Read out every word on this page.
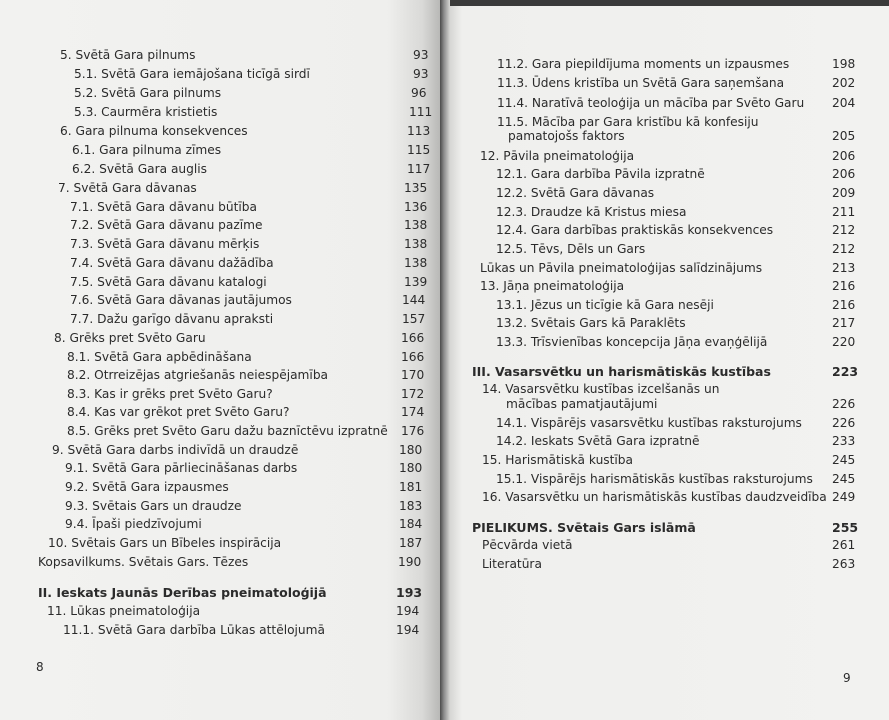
5. Svētā Gara pilnums	93
5.1. Svētā Gara iemājošana ticīgā sirdī	93
5.2. Svētā Gara pilnums	96
5.3. Caurmēra kristietis	111
6. Gara pilnuma konsekvences	113
6.1. Gara pilnuma zīmes	115
6.2. Svētā Gara auglis	117
7. Svētā Gara dāvanas	135
7.1. Svētā Gara dāvanu būtība	136
7.2. Svētā Gara dāvanu pazīme	138
7.3. Svētā Gara dāvanu mērķis	138
7.4. Svētā Gara dāvanu dažādība	138
7.5. Svētā Gara dāvanu katalogi	139
7.6. Svētā Gara dāvanas jautājumos	144
7.7. Dažu garīgo dāvanu apraksti	157
8. Grēks pret Svēto Garu	166
8.1. Svētā Gara apbēdināšana	166
8.2. Otrreizējas atgriešanās neiespējamība	170
8.3. Kas ir grēks pret Svēto Garu?	172
8.4. Kas var grēkot pret Svēto Garu?	174
8.5. Grēks pret Svēto Garu dažu baznīctēvu izpratnē 176
9. Svētā Gara darbs indivīdā un draudzē	180
9.1. Svētā Gara pārliecināšanas darbs	180
9.2. Svētā Gara izpausmes	181
9.3. Svētais Gars un draudze	183
9.4. Īpaši piedzīvojumi	184
10. Svētais Gars un Bībeles inspirācija	187
Kopsavilkums. Svētais Gars. Tēzes	190
II. Ieskats Jaunās Derības pneimatoloģijā	193
11. Lūkas pneimatoloģija	194
11.1. Svētā Gara darbība Lūkas attēlojumā	194
11.2. Gara piepildījuma moments un izpausmes	198
11.3. Ūdens kristība un Svētā Gara saņemšana	202
11.4. Naratīvā teoloģija un mācība par Svēto Garu 204
11.5. Mācība par Gara kristību kā konfesiju
pamatojošs faktors	205
12. Pāvila pneimatoloģija	206
12.1. Gara darbība Pāvila izpratnē	206
12.2. Svētā Gara dāvanas	209
12.3. Draudze kā Kristus miesa	211
12.4. Gara darbības praktiskās konsekvences	212
12.5. Tēvs, Dēls un Gars	212
Lūkas un Pāvila pneimatoloģijas salīdzinājums	213
13. Jāņa pneimatoloģija	216
13.1. Jēzus un ticīgie kā Gara nesēji	216
13.2. Svētais Gars kā Paraklēts	217
13.3. Trīsvienības koncepcija Jāņa evaņģēlijā	220
III. Vasarsvētku un harismātiskās kustības	223
14. Vasarsvētku kustības izcelšanās un
mācības pamatjautājumi	226
14.1. Vispārējs vasarsvētku kustības raksturojums 226
14.2. Ieskats Svētā Gara izpratnē	233
15. Harismātiskā kustība	245
15.1. Vispārējs harismātiskās kustības raksturojums 245
16. Vasarsvētku un harismātiskās kustības daudzveidība 249
PIELIKUMS. Svētais Gars islāmā	255
Pēcvārda vietā	261
Literatūra	263
8
9
